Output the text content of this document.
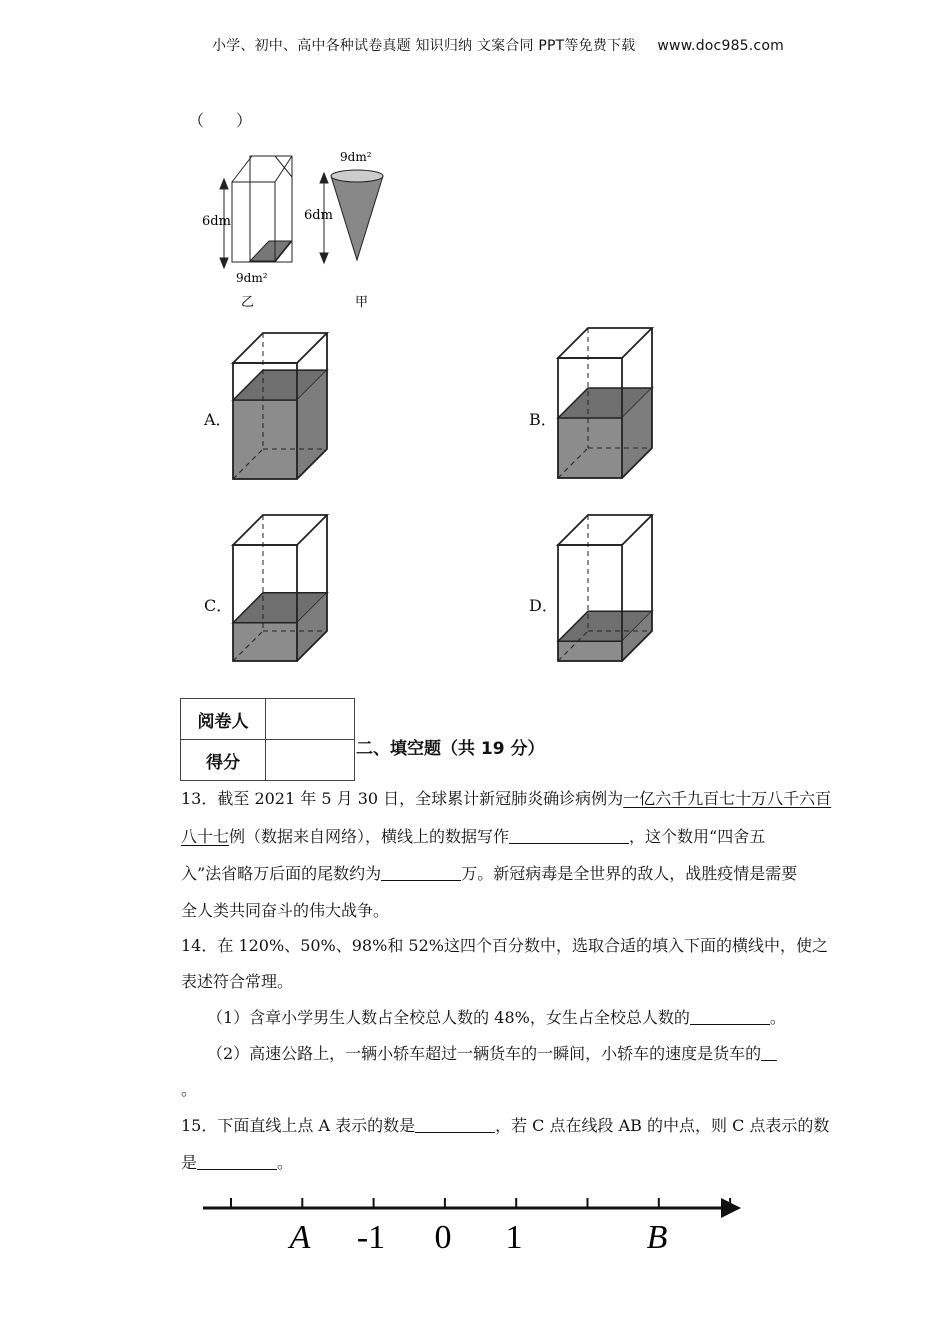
小学、初中、高中各种试卷真题 知识归纳 文案合同 PPT等免费下载 www.doc985.com
（　　）
9dm²
6dm	6dm
9dm²
乙	甲
A．	B．
C．	D．
阅卷人	
得分	
二、填空题（共 19 分）
13．截至 2021 年 5 月 30 日，全球累计新冠肺炎确诊病例为一亿六千九百七十万八千六百
八十七例（数据来自网络），横线上的数据写作	，这个数用“四舍五
入”法省略万后面的尾数约为	万。新冠病毒是全世界的敌人，战胜疫情是需要
全人类共同奋斗的伟大战争。
14．在 120%、50%、98%和 52%这四个百分数中，选取合适的填入下面的横线中，使之
表述符合常理。
（1）含章小学男生人数占全校总人数的 48%，女生占全校总人数的	。
（2）高速公路上，一辆小轿车超过一辆货车的一瞬间，小轿车的速度是货车的
。
15．下面直线上点 A 表示的数是	，若 C 点在线段 AB 的中点，则 C 点表示的数
是	。
A -1 0 1	B
